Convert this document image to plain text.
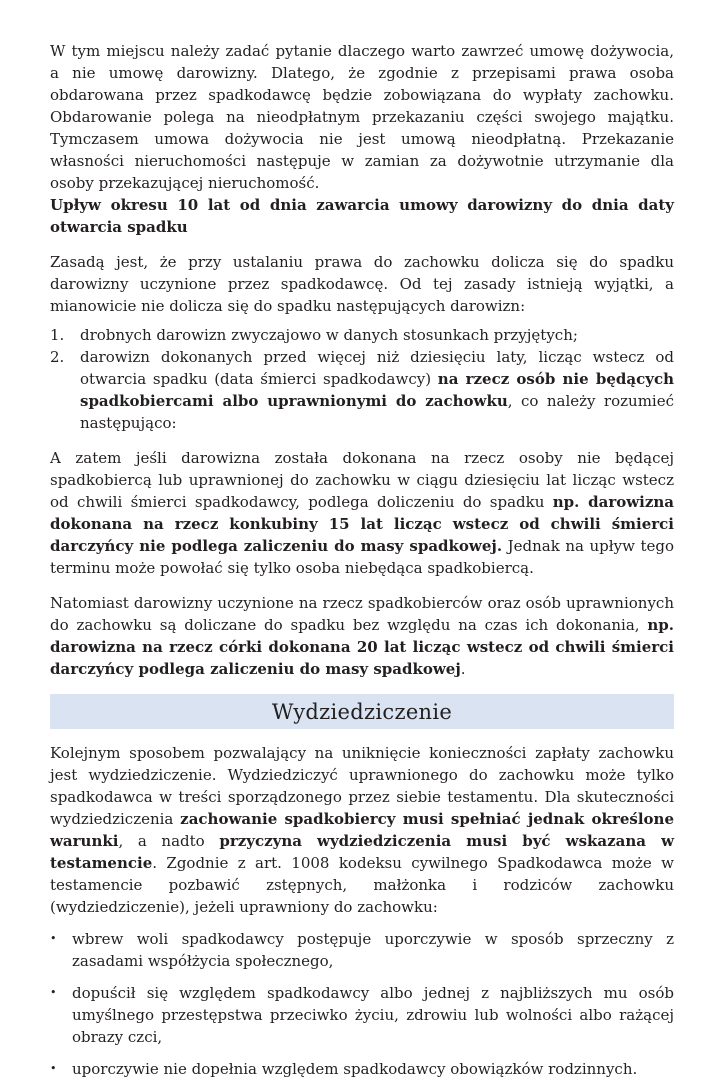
W tym miejscu należy zadać pytanie dlaczego warto zawrzeć umowę dożywocia, a nie umowę darowizny. Dlatego, że zgodnie z przepisami prawa osoba obdarowana przez spadkodawcę będzie zobowiązana do wypłaty zachowku. Obdarowanie polega na nieodpłatnym przekazaniu części swojego majątku. Tymczasem umowa dożywocia nie jest umową nieodpłatną. Przekazanie własności nieruchomości następuje w zamian za dożywotnie utrzymanie dla osoby przekazującej nieruchomość.

Upływ okresu 10 lat od dnia zawarcia umowy darowizny do dnia daty otwarcia spadku

Zasadą jest, że przy ustalaniu prawa do zachowku dolicza się do spadku darowizny uczynione przez spadkodawcę. Od tej zasady istnieją wyjątki, a mianowicie nie dolicza się do spadku następujących darowizn:

1.	drobnych darowizn zwyczajowo w danych stosunkach przyjętych;
2.	darowizn dokonanych przed więcej niż dziesięciu laty, licząc wstecz od otwarcia spadku (data śmierci spadkodawcy) na rzecz osób nie będących spadkobiercami albo uprawnionymi do zachowku, co należy rozumieć następująco:

A zatem jeśli darowizna została dokonana na rzecz osoby nie będącej spadkobiercą lub uprawnionej do zachowku w ciągu dziesięciu lat licząc wstecz od chwili śmierci spadkodawcy, podlega doliczeniu do spadku np. darowizna dokonana na rzecz konkubiny 15 lat licząc wstecz od chwili śmierci darczyńcy nie podlega zaliczeniu do masy spadkowej. Jednak na upływ tego terminu może powołać się tylko osoba niebędąca spadkobiercą.

Natomiast darowizny uczynione na rzecz spadkobierców oraz osób uprawnionych do zachowku są doliczane do spadku bez względu na czas ich dokonania, np. darowizna na rzecz córki dokonana 20 lat licząc wstecz od chwili śmierci darczyńcy podlega zaliczeniu do masy spadkowej.

Wydziedziczenie

Kolejnym sposobem pozwalający na uniknięcie konieczności zapłaty zachowku jest wydziedziczenie. Wydziedziczyć uprawnionego do zachowku może tylko spadkodawca w treści sporządzonego przez siebie testamentu. Dla skuteczności wydziedziczenia zachowanie spadkobiercy musi spełniać jednak określone warunki, a nadto przyczyna wydziedziczenia musi być wskazana w testamencie. Zgodnie z art. 1008 kodeksu cywilnego Spadkodawca może w testamencie pozbawić zstępnych, małżonka i rodziców zachowku (wydziedziczenie), jeżeli uprawniony do zachowku:

•	wbrew woli spadkodawcy postępuje uporczywie w sposób sprzeczny z zasadami współżycia społecznego,
•	dopuścił się względem spadkodawcy albo jednej z najbliższych mu osób umyślnego przestępstwa przeciwko życiu, zdrowiu lub wolności albo rażącej obrazy czci,
•	uporczywie nie dopełnia względem spadkodawcy obowiązków rodzinnych.
